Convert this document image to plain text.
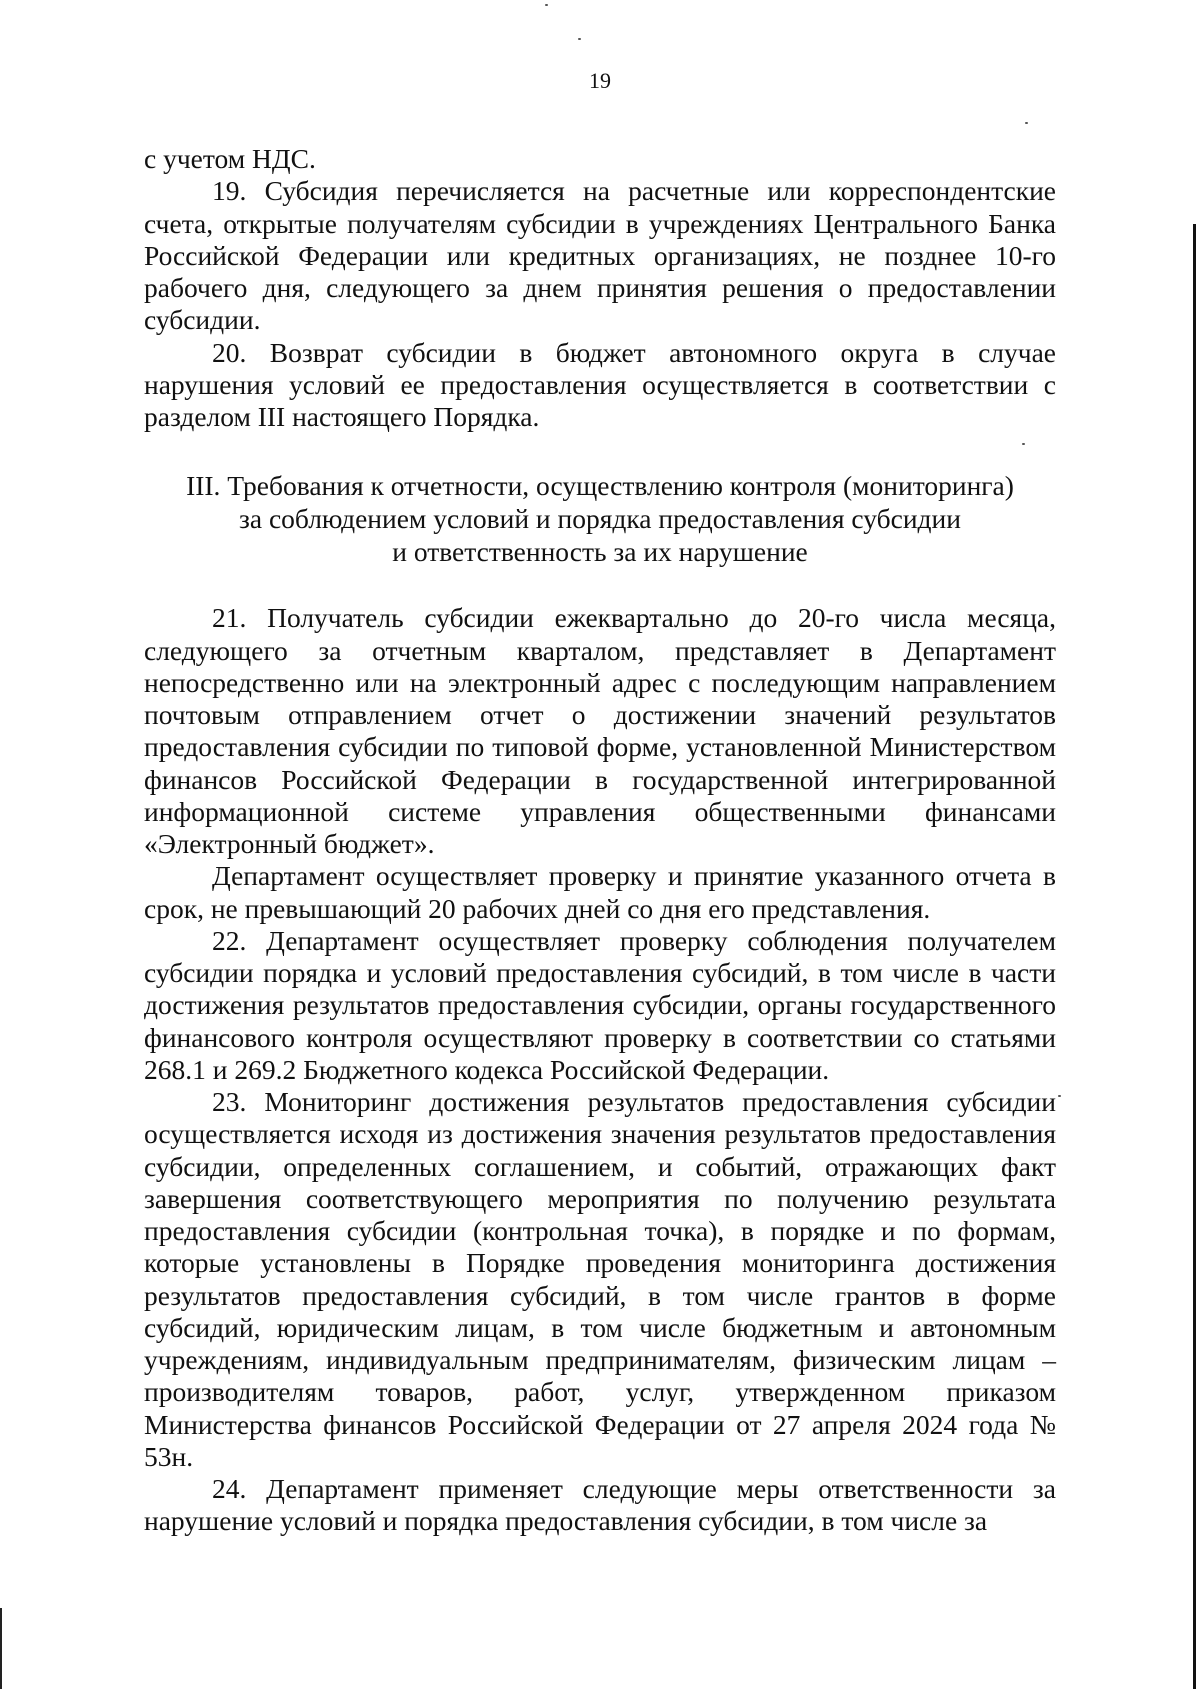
19

с учетом НДС.

19. Субсидия перечисляется на расчетные или корреспондентские счета, открытые получателям субсидии в учреждениях Центрального Банка Российской Федерации или кредитных организациях, не позднее 10-го рабочего дня, следующего за днем принятия решения о предоставлении субсидии.

20. Возврат субсидии в бюджет автономного округа в случае нарушения условий ее предоставления осуществляется в соответствии с разделом III настоящего Порядка.

III. Требования к отчетности, осуществлению контроля (мониторинга)
за соблюдением условий и порядка предоставления субсидии
и ответственность за их нарушение

21. Получатель субсидии ежеквартально до 20-го числа месяца, следующего за отчетным кварталом, представляет в Департамент непосредственно или на электронный адрес с последующим направлением почтовым отправлением отчет о достижении значений результатов предоставления субсидии по типовой форме, установленной Министерством финансов Российской Федерации в государственной интегрированной информационной системе управления общественными финансами «Электронный бюджет».

Департамент осуществляет проверку и принятие указанного отчета в срок, не превышающий 20 рабочих дней со дня его представления.

22. Департамент осуществляет проверку соблюдения получателем субсидии порядка и условий предоставления субсидий, в том числе в части достижения результатов предоставления субсидии, органы государственного финансового контроля осуществляют проверку в соответствии со статьями 268.1 и 269.2 Бюджетного кодекса Российской Федерации.

23. Мониторинг достижения результатов предоставления субсидии осуществляется исходя из достижения значения результатов предоставления субсидии, определенных соглашением, и событий, отражающих факт завершения соответствующего мероприятия по получению результата предоставления субсидии (контрольная точка), в порядке и по формам, которые установлены в Порядке проведения мониторинга достижения результатов предоставления субсидий, в том числе грантов в форме субсидий, юридическим лицам, в том числе бюджетным и автономным учреждениям, индивидуальным предпринимателям, физическим лицам – производителям товаров, работ, услуг, утвержденном приказом Министерства финансов Российской Федерации от 27 апреля 2024 года № 53н.

24. Департамент применяет следующие меры ответственности за нарушение условий и порядка предоставления субсидии, в том числе за
